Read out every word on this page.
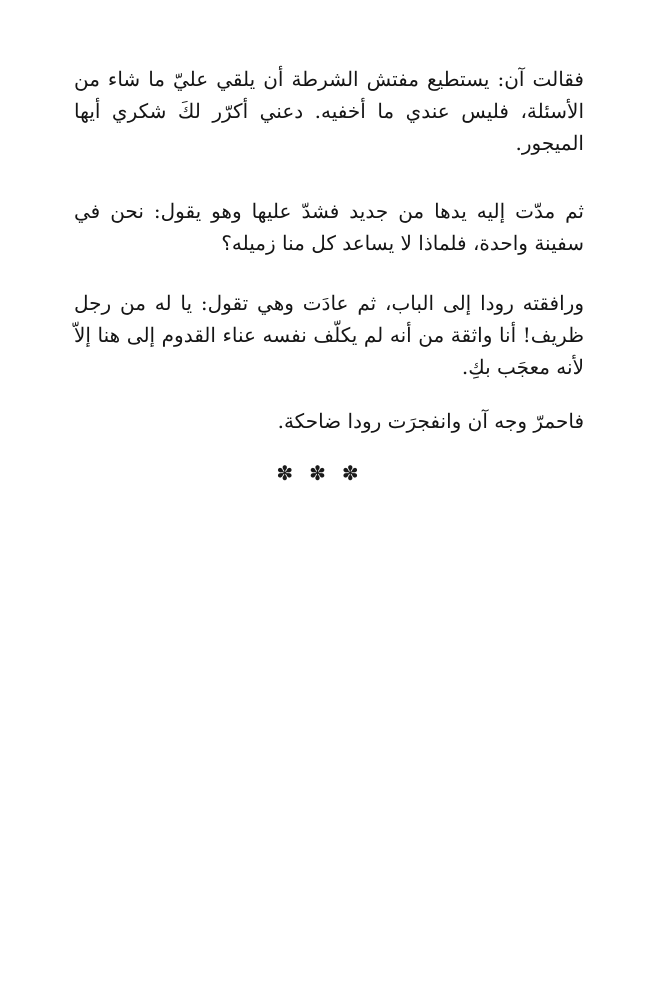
فقالت آن: يستطيع مفتش الشرطة أن يلقي عليّ ما شاء من الأسئلة، فليس عندي ما أخفيه. دعني أكرّر لكَ شكري أيها الميجور.

ثم مدّت إليه يدها من جديد فشدّ عليها وهو يقول: نحن في سفينة واحدة، فلماذا لا يساعد كل منا زميله؟

ورافقته رودا إلى الباب، ثم عادَت وهي تقول: يا له من رجل ظريف! أنا واثقة من أنه لم يكلّف نفسه عناء القدوم إلى هنا إلاّ لأنه معجَب بكِ.

فاحمرّ وجه آن وانفجرَت رودا ضاحكة.

✽✽✽
